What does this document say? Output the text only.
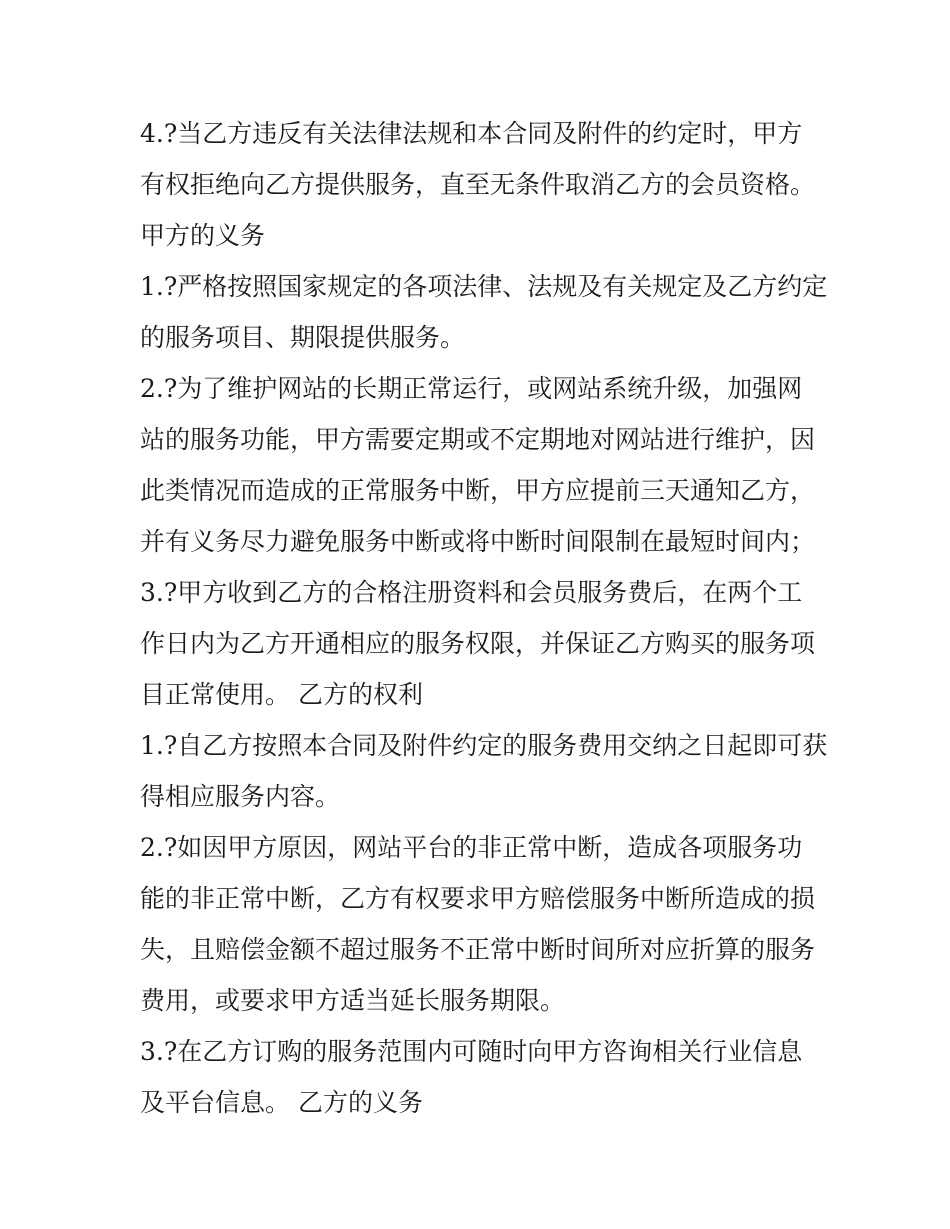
4.?当乙方违反有关法律法规和本合同及附件的约定时，甲方
有权拒绝向乙方提供服务，直至无条件取消乙方的会员资格。
甲方的义务
1.?严格按照国家规定的各项法律、法规及有关规定及乙方约定
的服务项目、期限提供服务。
2.?为了维护网站的长期正常运行，或网站系统升级，加强网
站的服务功能，甲方需要定期或不定期地对网站进行维护，因
此类情况而造成的正常服务中断，甲方应提前三天通知乙方，
并有义务尽力避免服务中断或将中断时间限制在最短时间内；
3.?甲方收到乙方的合格注册资料和会员服务费后，在两个工
作日内为乙方开通相应的服务权限，并保证乙方购买的服务项
目正常使用。 乙方的权利
1.?自乙方按照本合同及附件约定的服务费用交纳之日起即可获
得相应服务内容。
2.?如因甲方原因，网站平台的非正常中断，造成各项服务功
能的非正常中断，乙方有权要求甲方赔偿服务中断所造成的损
失，且赔偿金额不超过服务不正常中断时间所对应折算的服务
费用，或要求甲方适当延长服务期限。
3.?在乙方订购的服务范围内可随时向甲方咨询相关行业信息
及平台信息。 乙方的义务
